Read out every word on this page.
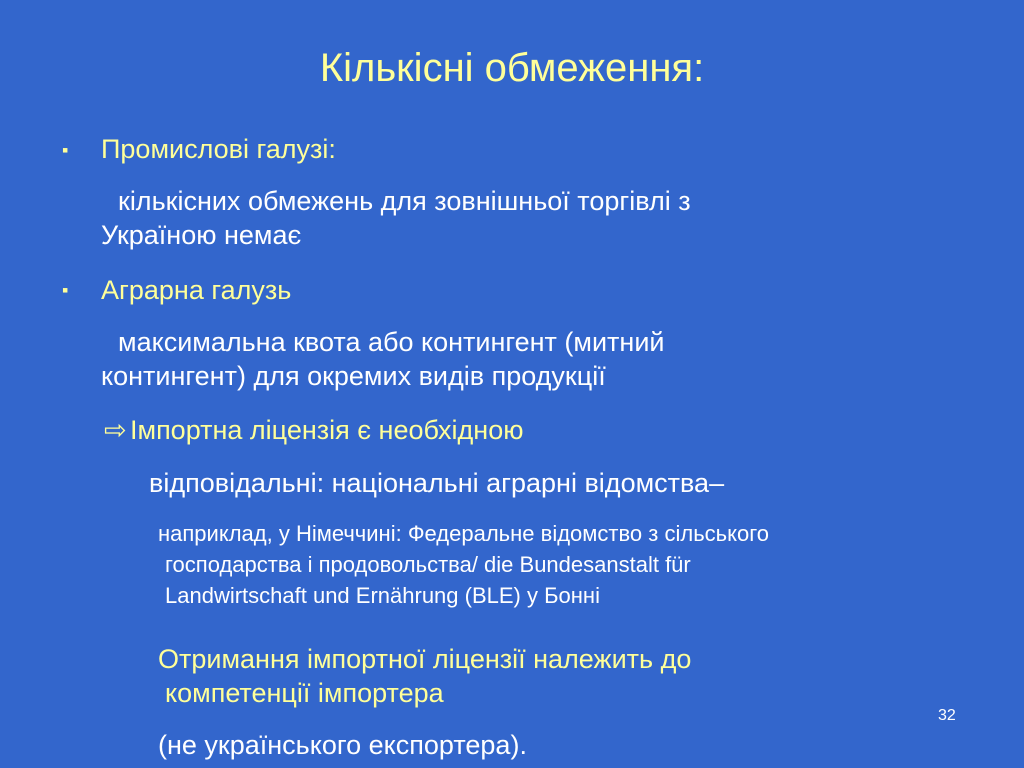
Кількісні обмеження:
▪ Промислові галузі:
кількісних обмежень для зовнішньої торгівлі з
Україною немає
▪ Аграрна галузь
максимальна квота або контингент (митний
контингент) для окремих видів продукції
⇨ Імпортна ліцензія є необхідною
відповідальні: національні аграрні відомства–
наприклад, у Німеччині: Федеральне відомство з сільського
господарства і продовольства/ die Bundesanstalt für
Landwirtschaft und Ernährung (BLE) у Бонні
Отримання імпортної ліцензії належить до
компетенції імпортера
(не українського експортера).
32
